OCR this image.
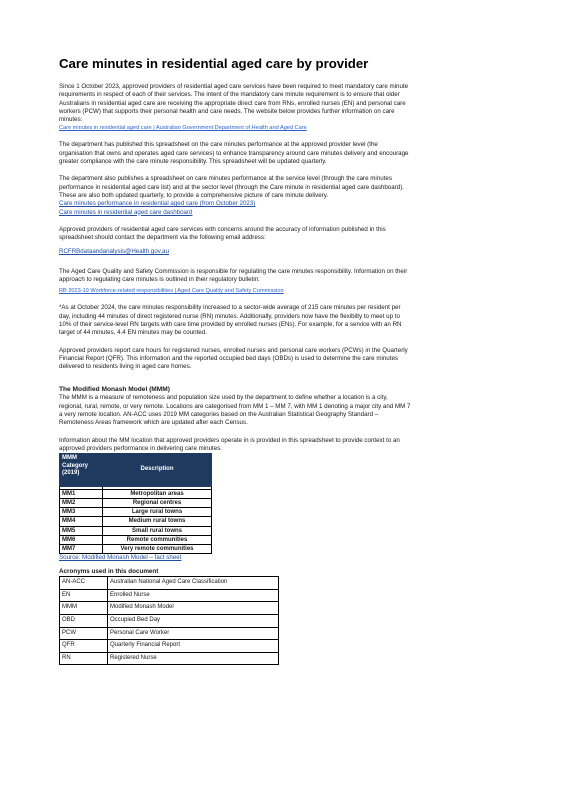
Care minutes in residential aged care by provider

Since 1 October 2023, approved providers of residential aged care services have been required to meet mandatory care minute requirements in respect of each of their services. The intent of the mandatory care minute requirement is to ensure that older Australians in residential aged care are receiving the appropriate direct care from RNs, enrolled nurses (EN) and personal care workers (PCW) that supports their personal health and care needs. The website below provides further information on care minutes:

Care minutes in residential aged care | Australian Government Department of Health and Aged Care

The department has published this spreadsheet on the care minutes performance at the approved provider level (the organisation that owns and operates aged care services) to enhance transparency around care minutes delivery and encourage greater compliance with the care minute responsibility. This spreadsheet will be updated quarterly.

The department also publishes a spreadsheet on care minutes performance at the service level (through the care minutes performance in residential aged care list) and at the sector level (through the Care minute in residential aged care dashboard). These are also both updated quarterly, to provide a comprehensive picture of care minute delivery.

Care minutes performance in residential aged care (from October 2023)
Care minutes in residential aged care dashboard

Approved providers of residential aged care services with concerns around the accuracy of information published in this spreadsheet should contact the department via the following email address:

RCFRBdataandanalysis@Health.gov.au

The Aged Care Quality and Safety Commission is responsible for regulating the care minutes responsibility. Information on their approach to regulating care minutes is outlined in their regulatory bulletin:

RB 2023-19 Workforce-related responsibilities | Aged Care Quality and Safety Commission

*As at October 2024, the care minutes responsibility increased to a sector-wide average of 215 care minutes per resident per day, including 44 minutes of direct registered nurse (RN) minutes. Additionally, providers now have the flexibilty to meet up to 10% of their service-level RN targets with care time provided by enrolled nurses (ENs). For example, for a service with an RN target of 44 minutes, 4.4 EN minutes may be counted.

Approved providers report care hours for registered nurses, enrolled nurses and personal care workers (PCWs) in the Quarterly Financial Report (QFR). This information and the reported occupied bed days (OBDs) is used to determine the care minutes delivered to residents living in aged care homes.

The Modified Monash Model (MMM)

The MMM is a measure of remoteness and population size used by the department to define whether a location is a city, regional, rural, remote, or very remote. Locations are categorised from MM 1 – MM 7, with MM 1 denoting a major city and MM 7 a very remote location. AN-ACC uses 2019 MM categories based on the Australian Statistical Geography Standard – Remoteness Areas framework which are updated after each Census.

Information about the MM location that approved providers operate in is provided in this spreadsheet to provide context to an approved providers performance in delivering care minutes.

MMM Category (2019)	Description

MM1	Metropolitan areas
MM2	Regional centres
MM3	Large rural towns
MM4	Medium rural towns
MM5	Small rural towns
MM6	Remote communities
MM7	Very remote communities
Source: Modified Monash Model – fact sheet
Acronyms used in this document
AN-ACC	Australian National Aged Care Classification
EN	Enrolled Nurse
MMM	Modified Monash Model
OBD	Occupied Bed Day
PCW	Personal Care Worker
QFR	Quarterly Financial Report
RN	Registered Nurse
